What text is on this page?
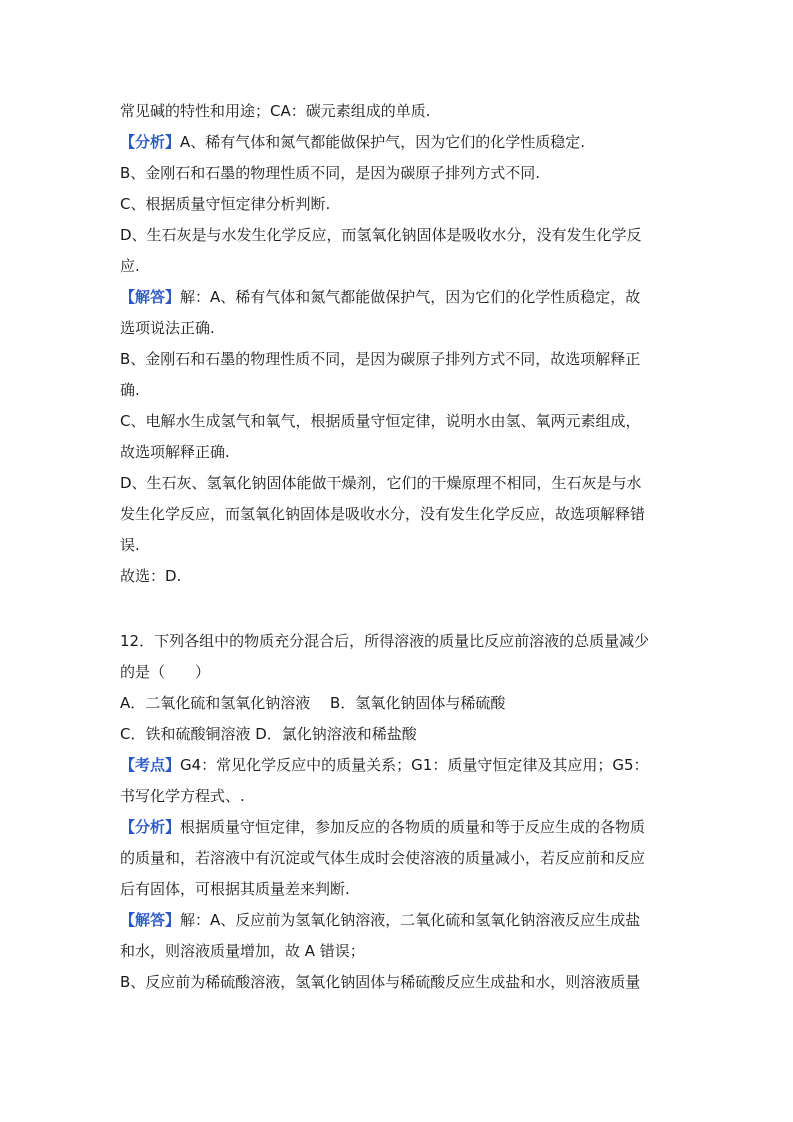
常见碱的特性和用途；CA：碳元素组成的单质.
【分析】A、稀有气体和氮气都能做保护气，因为它们的化学性质稳定.
B、金刚石和石墨的物理性质不同，是因为碳原子排列方式不同.
C、根据质量守恒定律分析判断.
D、生石灰是与水发生化学反应，而氢氧化钠固体是吸收水分，没有发生化学反
应.
【解答】解：A、稀有气体和氮气都能做保护气，因为它们的化学性质稳定，故
选项说法正确.
B、金刚石和石墨的物理性质不同，是因为碳原子排列方式不同，故选项解释正
确.
C、电解水生成氢气和氧气，根据质量守恒定律，说明水由氢、氧两元素组成，
故选项解释正确.
D、生石灰、氢氧化钠固体能做干燥剂，它们的干燥原理不相同，生石灰是与水
发生化学反应，而氢氧化钠固体是吸收水分，没有发生化学反应，故选项解释错
误.
故选：D.
12．下列各组中的物质充分混合后，所得溶液的质量比反应前溶液的总质量减少
的是（　　）
A．二氧化硫和氢氧化钠溶液　 B．氢氧化钠固体与稀硫酸
C．铁和硫酸铜溶液 D．氯化钠溶液和稀盐酸
【考点】G4：常见化学反应中的质量关系；G1：质量守恒定律及其应用；G5：
书写化学方程式、.
【分析】根据质量守恒定律，参加反应的各物质的质量和等于反应生成的各物质
的质量和，若溶液中有沉淀或气体生成时会使溶液的质量减小，若反应前和反应
后有固体，可根据其质量差来判断.
【解答】解：A、反应前为氢氧化钠溶液，二氧化硫和氢氧化钠溶液反应生成盐
和水，则溶液质量增加，故 A 错误；
B、反应前为稀硫酸溶液，氢氧化钠固体与稀硫酸反应生成盐和水，则溶液质量
